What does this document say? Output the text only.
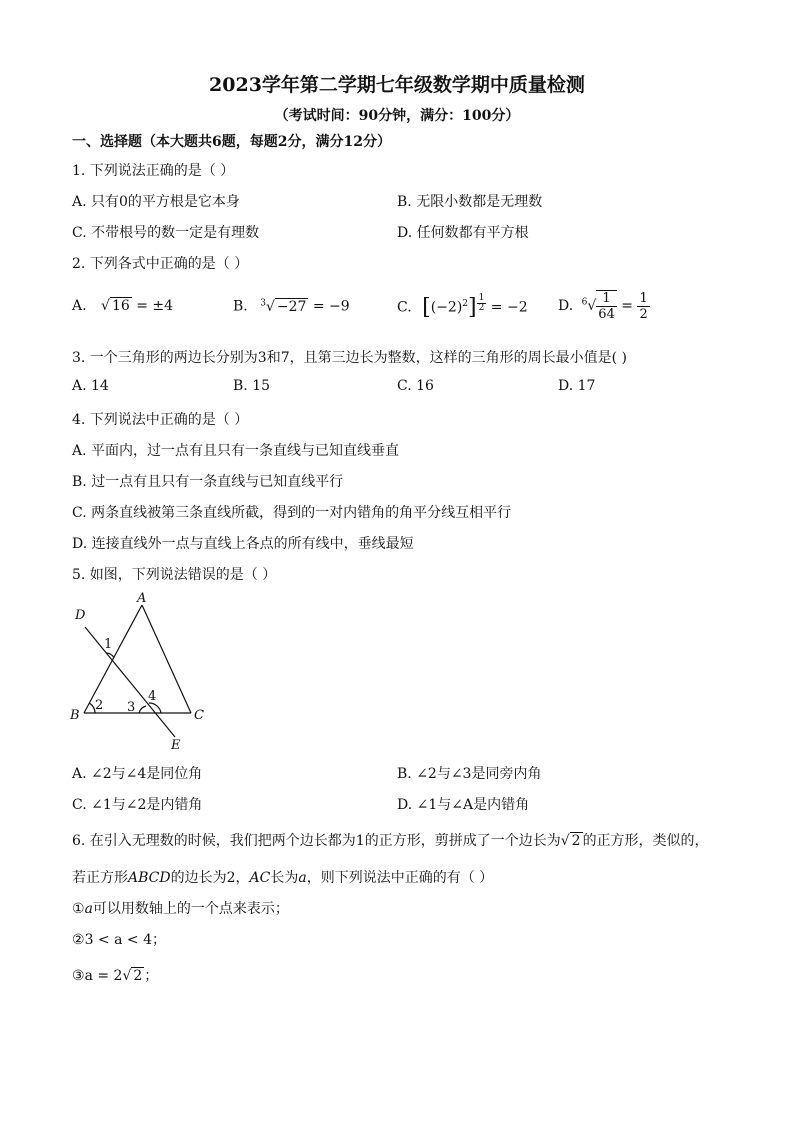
2023学年第二学期七年级数学期中质量检测
（考试时间：90分钟，满分：100分）
一、选择题（本大题共6题，每题2分，满分12分）
1. 下列说法正确的是（ ）
A. 只有0的平方根是它本身	B. 无限小数都是无理数
C. 不带根号的数一定是有理数	D. 任何数都有平方根
2. 下列各式中正确的是（ ）
A. √ 16 = ±4	B. $^3$√ −27 = −9	C. $[(-2)^2] ^{\frac{1}{2}} = -2$ D. $^6√ \frac{1}{64} = \frac{1}{2}$
3. 一个三角形的两边长分别为3和7，且第三边长为整数，这样的三角形的周长最小值是( )
A. 14	B. 15	C. 16	D. 17
4. 下列说法中正确的是（ ）
A. 平面内，过一点有且只有一条直线与已知直线垂直
B. 过一点有且只有一条直线与已知直线平行
C. 两条直线被第三条直线所截，得到的一对内错角的角平分线互相平行
D. 连接直线外一点与直线上各点的所有线中，垂线最短
5. 如图，下列说法错误的是（ ）
A
B	C
D
E
1
2 3
4
A. ∠2与∠4是同位角	B. ∠2与∠3是同旁内角
C. ∠1与∠2是内错角	D. ∠1与∠A是内错角
6. 在引入无理数的时候，我们把两个边长都为1的正方形，剪拼成了一个边长为√ 2 的正方形，类似的，
若正方形ABCD的边长为2，AC长为a，则下列说法中正确的有（ ）
①a可以用数轴上的一个点来表示；
②3 < a < 4；
③a = 2√ 2 ；
